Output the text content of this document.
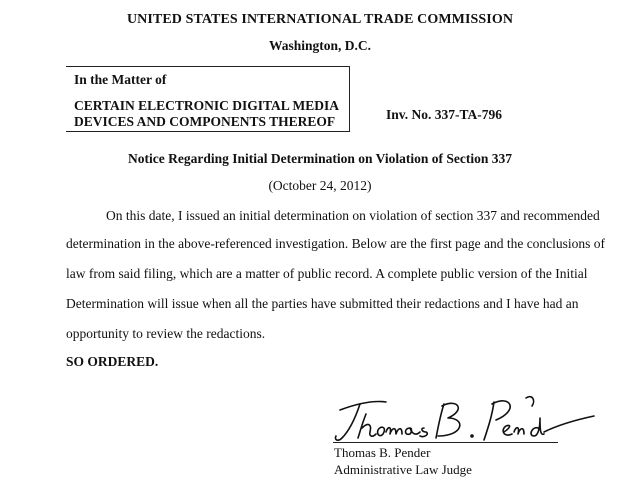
UNITED STATES INTERNATIONAL TRADE COMMISSION
Washington, D.C.
In the Matter of
CERTAIN ELECTRONIC DIGITAL MEDIA
DEVICES AND COMPONENTS THEREOF	Inv. No. 337-TA-796
Notice Regarding Initial Determination on Violation of Section 337
(October 24, 2012)
On this date, I issued an initial determination on violation of section 337 and recommended
determination in the above-referenced investigation. Below are the first page and the conclusions of
law from said filing, which are a matter of public record. A complete public version of the Initial
Determination will issue when all the parties have submitted their redactions and I have had an
opportunity to review the redactions.
SO ORDERED.
Thomas B. Pender
Administrative Law Judge
